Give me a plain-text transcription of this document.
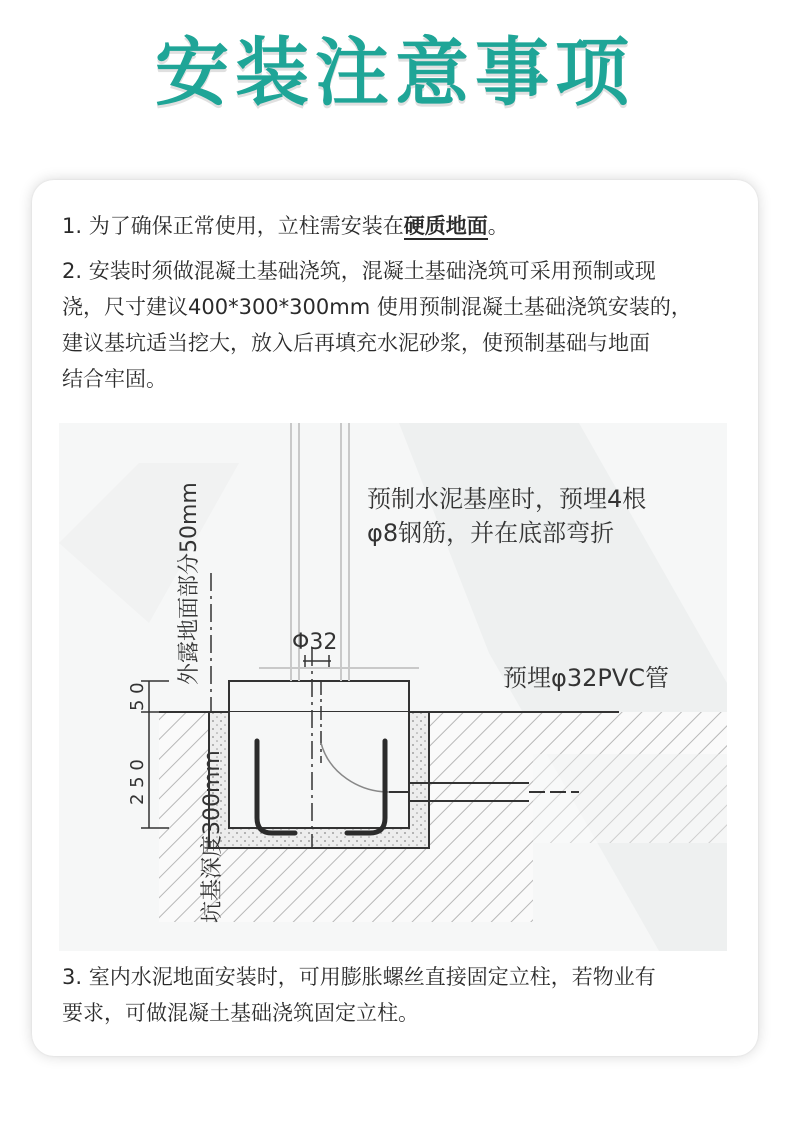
安装注意事项

1. 为了确保正常使用，立柱需安装在硬质地面。

2. 安装时须做混凝土基础浇筑，混凝土基础浇筑可采用预制或现

浇，尺寸建议400*300*300mm 使用预制混凝土基础浇筑安装的，

建议基坑适当挖大，放入后再填充水泥砂浆，使预制基础与地面

结合牢固。

5 0
2 5 0
外露地面部分50mm
坑基深度300mm
预制水泥基座时，预埋4根
φ8钢筋，并在底部弯折
Φ32
预埋φ32PVC管

3. 室内水泥地面安装时，可用膨胀螺丝直接固定立柱，若物业有

要求，可做混凝土基础浇筑固定立柱。
